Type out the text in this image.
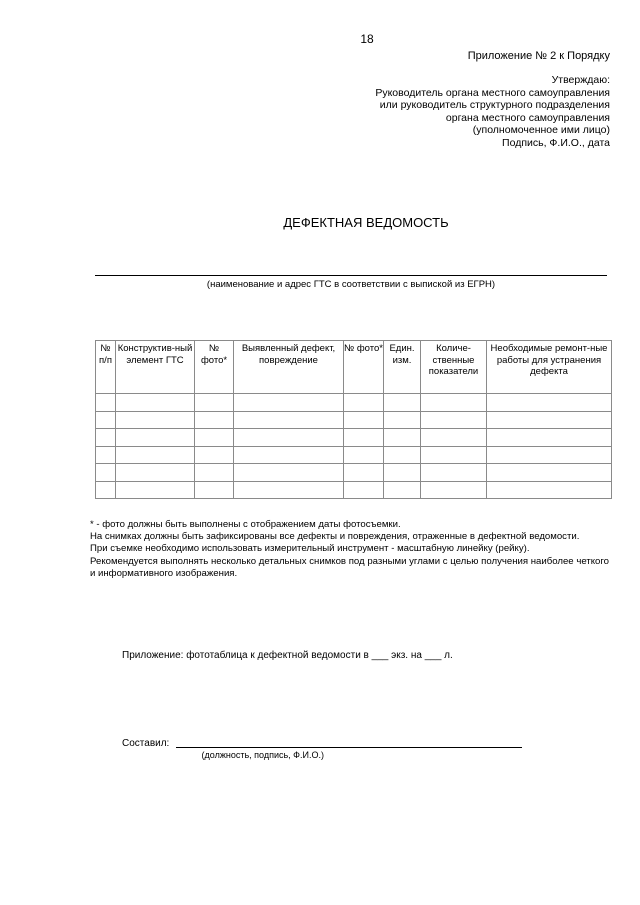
18
Приложение № 2 к Порядку
Утверждаю:
Руководитель органа местного самоуправления
или руководитель структурного подразделения
органа местного самоуправления
(уполномоченное ими лицо)
Подпись, Ф.И.О., дата
ДЕФЕКТНАЯ ВЕДОМОСТЬ
(наименование и адрес ГТС в соответствии с выпиской из ЕГРН)
№ п/п	Конструктив-ный элемент ГТС	№ фото*	Выявленный дефект, повреждение	№ фото*	Един. изм.	Количе-ственные показатели	Необходимые ремонт-ные работы для устранения дефекта

* - фото должны быть выполнены с отображением даты фотосъемки.

На снимках должны быть зафиксированы все дефекты и повреждения, отраженные в дефектной ведомости.

При съемке необходимо использовать измерительный инструмент - масштабную линейку (рейку).

Рекомендуется выполнять несколько детальных снимков под разными углами с целью получения наиболее четкого и информативного изображения.

Приложение: фототаблица к дефектной ведомости в ___ экз. на ___ л.
Составил:
(должность, подпись, Ф.И.О.)
